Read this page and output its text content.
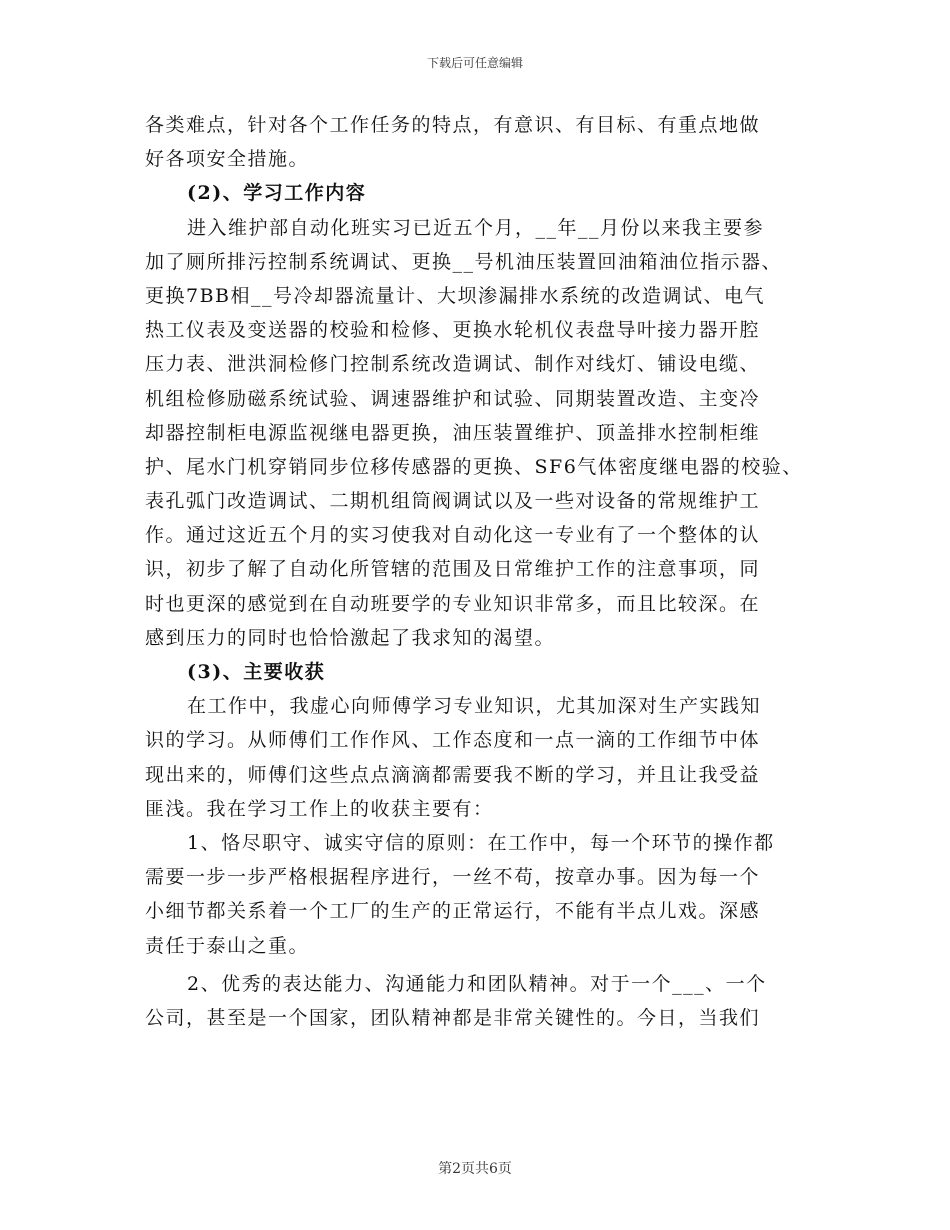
下载后可任意编辑

各类难点，针对各个工作任务的特点，有意识、有目标、有重点地做
好各项安全措施。

(2)、学习工作内容

进入维护部自动化班实习已近五个月，__年__月份以来我主要参
加了厕所排污控制系统调试、更换__号机油压装置回油箱油位指示器、
更换7BB相__号冷却器流量计、大坝渗漏排水系统的改造调试、电气
热工仪表及变送器的校验和检修、更换水轮机仪表盘导叶接力器开腔
压力表、泄洪洞检修门控制系统改造调试、制作对线灯、铺设电缆、
机组检修励磁系统试验、调速器维护和试验、同期装置改造、主变冷
却器控制柜电源监视继电器更换，油压装置维护、顶盖排水控制柜维
护、尾水门机穿销同步位移传感器的更换、SF6气体密度继电器的校验、
表孔弧门改造调试、二期机组筒阀调试以及一些对设备的常规维护工
作。通过这近五个月的实习使我对自动化这一专业有了一个整体的认
识，初步了解了自动化所管辖的范围及日常维护工作的注意事项，同
时也更深的感觉到在自动班要学的专业知识非常多，而且比较深。在
感到压力的同时也恰恰激起了我求知的渴望。

(3)、主要收获

在工作中，我虚心向师傅学习专业知识，尤其加深对生产实践知
识的学习。从师傅们工作作风、工作态度和一点一滴的工作细节中体
现出来的，师傅们这些点点滴滴都需要我不断的学习，并且让我受益
匪浅。我在学习工作上的收获主要有：

1、恪尽职守、诚实守信的原则：在工作中，每一个环节的操作都
需要一步一步严格根据程序进行，一丝不苟，按章办事。因为每一个
小细节都关系着一个工厂的生产的正常运行，不能有半点儿戏。深感
责任于泰山之重。

2、优秀的表达能力、沟通能力和团队精神。对于一个___、一个
公司，甚至是一个国家，团队精神都是非常关键性的。今日，当我们

第2页共6页
